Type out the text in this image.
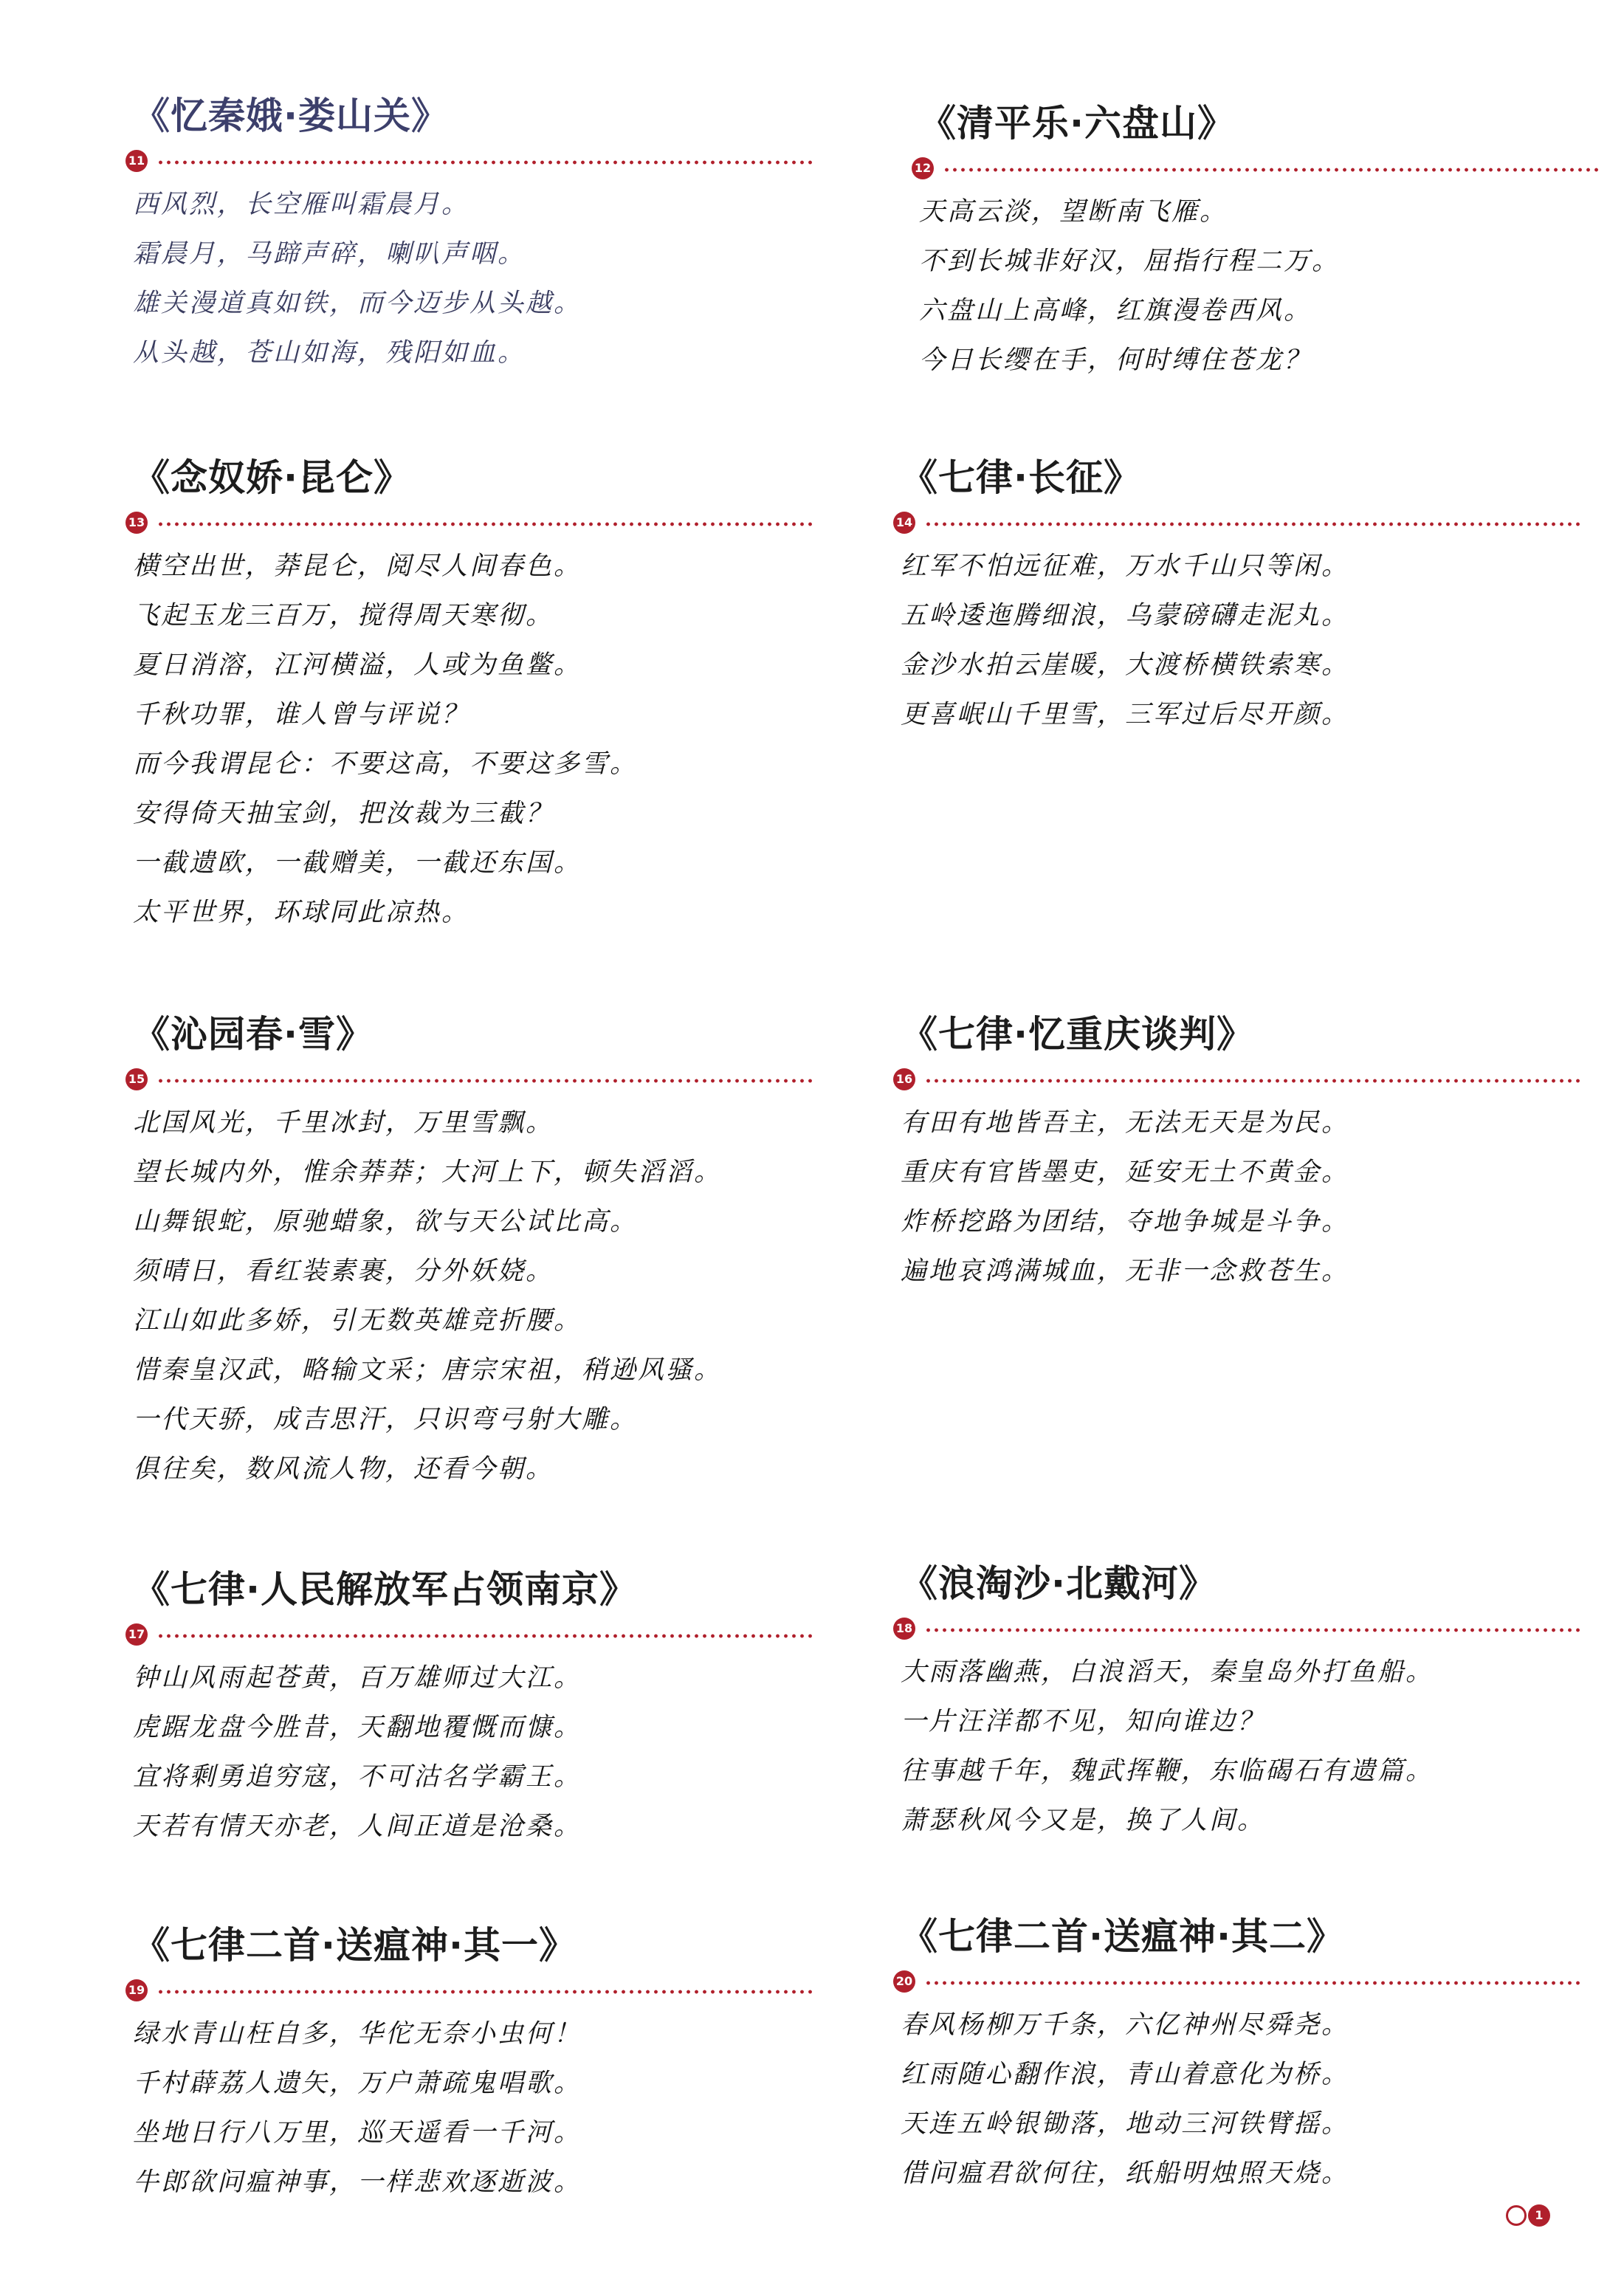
《忆秦娥·娄山关》
11
西风烈，长空雁叫霜晨月。
霜晨月，马蹄声碎，喇叭声咽。
雄关漫道真如铁，而今迈步从头越。
从头越，苍山如海，残阳如血。
《清平乐·六盘山》
12
天高云淡，望断南飞雁。
不到长城非好汉，屈指行程二万。
六盘山上高峰，红旗漫卷西风。
今日长缨在手，何时缚住苍龙？
《念奴娇·昆仑》
13
横空出世，莽昆仑，阅尽人间春色。
飞起玉龙三百万，搅得周天寒彻。
夏日消溶，江河横溢，人或为鱼鳖。
千秋功罪，谁人曾与评说？
而今我谓昆仑：不要这高，不要这多雪。
安得倚天抽宝剑，把汝裁为三截？
一截遗欧，一截赠美，一截还东国。
太平世界，环球同此凉热。
《七律·长征》
14
红军不怕远征难，万水千山只等闲。
五岭逶迤腾细浪，乌蒙磅礴走泥丸。
金沙水拍云崖暖，大渡桥横铁索寒。
更喜岷山千里雪，三军过后尽开颜。
《沁园春·雪》
15
北国风光，千里冰封，万里雪飘。
望长城内外，惟余莽莽；大河上下，顿失滔滔。
山舞银蛇，原驰蜡象，欲与天公试比高。
须晴日，看红装素裹，分外妖娆。
江山如此多娇，引无数英雄竞折腰。
惜秦皇汉武，略输文采；唐宗宋祖，稍逊风骚。
一代天骄，成吉思汗，只识弯弓射大雕。
俱往矣，数风流人物，还看今朝。
《七律·忆重庆谈判》
16
有田有地皆吾主，无法无天是为民。
重庆有官皆墨吏，延安无土不黄金。
炸桥挖路为团结，夺地争城是斗争。
遍地哀鸿满城血，无非一念救苍生。
《七律·人民解放军占领南京》
17
钟山风雨起苍黄，百万雄师过大江。
虎踞龙盘今胜昔，天翻地覆慨而慷。
宜将剩勇追穷寇，不可沽名学霸王。
天若有情天亦老，人间正道是沧桑。
《浪淘沙·北戴河》
18
大雨落幽燕，白浪滔天，秦皇岛外打鱼船。
一片汪洋都不见，知向谁边？
往事越千年，魏武挥鞭，东临碣石有遗篇。
萧瑟秋风今又是，换了人间。
《七律二首·送瘟神·其一》
19
绿水青山枉自多，华佗无奈小虫何！
千村薜荔人遗矢，万户萧疏鬼唱歌。
坐地日行八万里，巡天遥看一千河。
牛郎欲问瘟神事，一样悲欢逐逝波。
《七律二首·送瘟神·其二》
20
春风杨柳万千条，六亿神州尽舜尧。
红雨随心翻作浪，青山着意化为桥。
天连五岭银锄落，地动三河铁臂摇。
借问瘟君欲何往，纸船明烛照天烧。
1
